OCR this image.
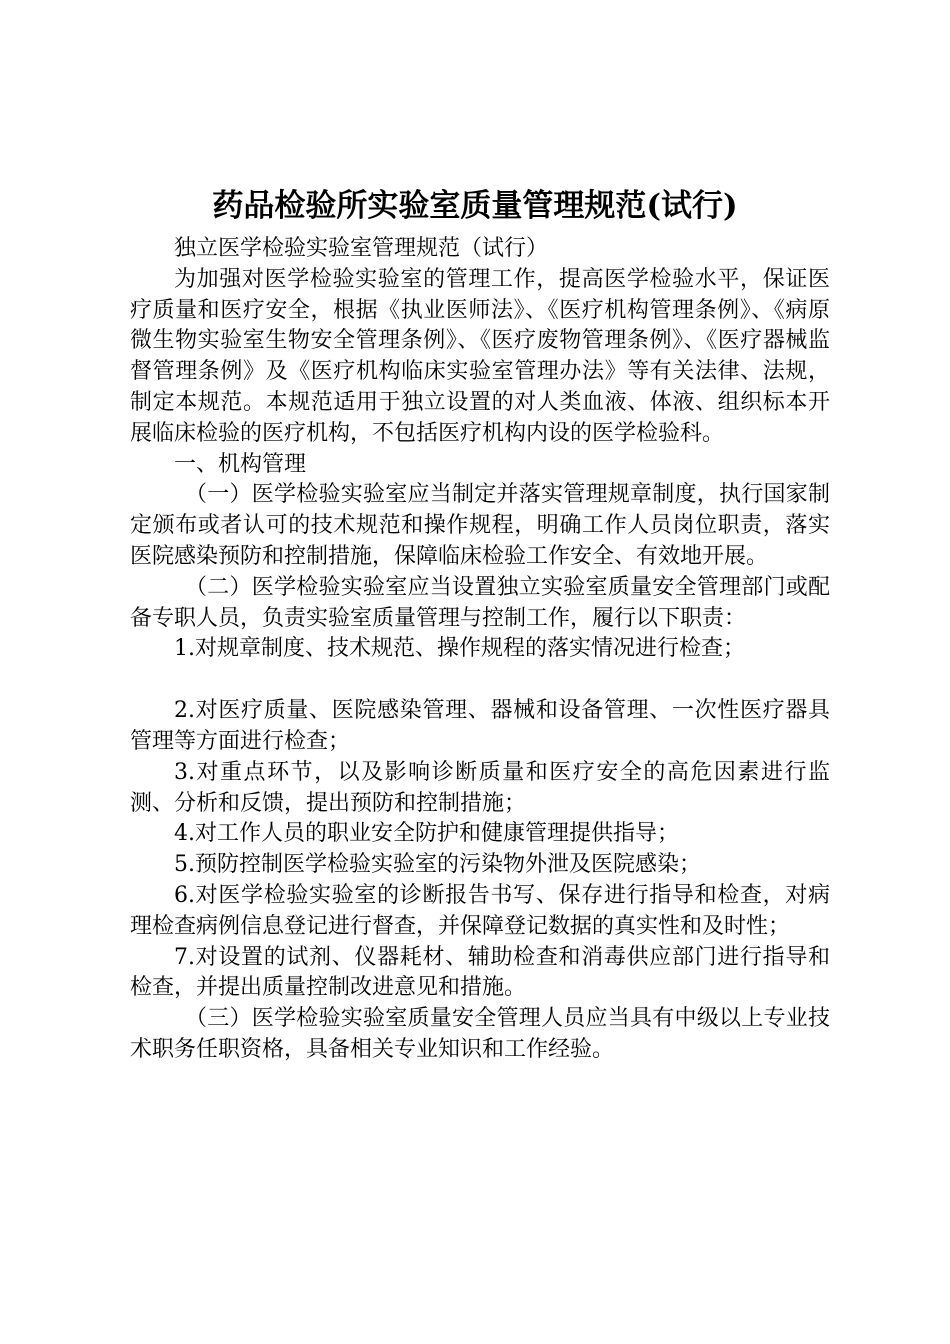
药品检验所实验室质量管理规范(试行)

独立医学检验实验室管理规范（试行）

为加强对医学检验实验室的管理工作，提高医学检验水平，保证医疗质量和医疗安全，根据《执业医师法》、《医疗机构管理条例》、《病原微生物实验室生物安全管理条例》、《医疗废物管理条例》、《医疗器械监督管理条例》及《医疗机构临床实验室管理办法》等有关法律、法规，制定本规范。本规范适用于独立设置的对人类血液、体液、组织标本开展临床检验的医疗机构，不包括医疗机构内设的医学检验科。

一、机构管理

（一）医学检验实验室应当制定并落实管理规章制度，执行国家制定颁布或者认可的技术规范和操作规程，明确工作人员岗位职责，落实医院感染预防和控制措施，保障临床检验工作安全、有效地开展。

（二）医学检验实验室应当设置独立实验室质量安全管理部门或配备专职人员，负责实验室质量管理与控制工作，履行以下职责：

1.对规章制度、技术规范、操作规程的落实情况进行检查；

2.对医疗质量、医院感染管理、器械和设备管理、一次性医疗器具管理等方面进行检查；

3.对重点环节，以及影响诊断质量和医疗安全的高危因素进行监测、分析和反馈，提出预防和控制措施；

4.对工作人员的职业安全防护和健康管理提供指导；

5.预防控制医学检验实验室的污染物外泄及医院感染；

6.对医学检验实验室的诊断报告书写、保存进行指导和检查，对病理检查病例信息登记进行督查，并保障登记数据的真实性和及时性；

7.对设置的试剂、仪器耗材、辅助检查和消毒供应部门进行指导和检查，并提出质量控制改进意见和措施。

（三）医学检验实验室质量安全管理人员应当具有中级以上专业技术职务任职资格，具备相关专业知识和工作经验。
